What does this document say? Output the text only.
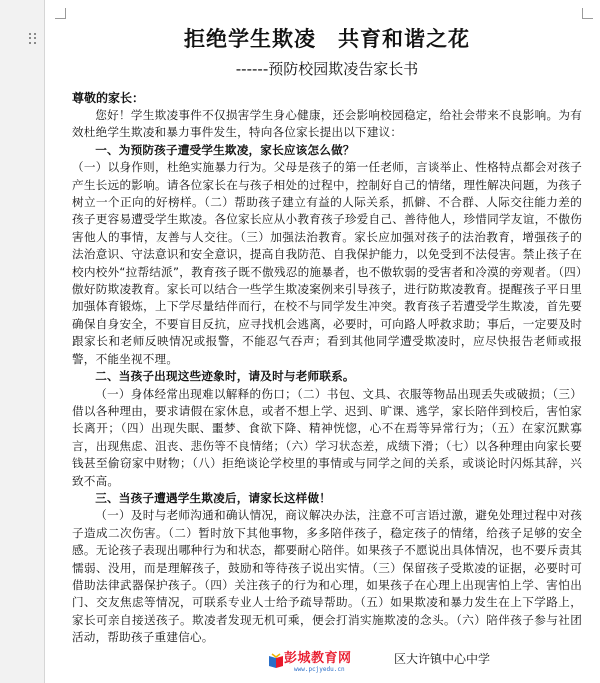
拒绝学生欺凌 共育和谐之花
------预防校园欺凌告家长书

尊敬的家长：

您好！学生欺凌事件不仅损害学生身心健康，还会影响校园稳定，给社会带来不良影响。为有效杜绝学生欺凌和暴力事件发生，特向各位家长提出以下建议：

一、为预防孩子遭受学生欺凌，家长应该怎么做？

（一）以身作则，杜绝实施暴力行为。父母是孩子的第一任老师，言谈举止、性格特点都会对孩子产生长远的影响。请各位家长在与孩子相处的过程中，控制好自己的情绪，理性解决问题，为孩子树立一个正向的好榜样。（二）帮助孩子建立有益的人际关系，抓僻、不合群、人际交往能力差的孩子更容易遭受学生欺凌。各位家长应从小教育孩子珍爱自己、善待他人，珍惜同学友谊，不傲伤害他人的事情，友善与人交往。（三）加强法治教育。家长应加强对孩子的法治教育，增强孩子的法治意识、守法意识和安全意识，提高自我防范、自我保护能力，以免受到不法侵害。禁止孩子在校内校外“拉帮结派”，教育孩子既不傲残忍的施暴者，也不傲软弱的受害者和冷漠的旁观者。（四）傲好防欺凌教育。家长可以结合一些学生欺凌案例来引导孩子，进行防欺凌教育。提醒孩子平日里加强体育锻炼，上下学尽量结伴而行，在校不与同学发生冲突。教育孩子若遭受学生欺凌，首先要确保自身安全，不要盲目反抗，应寻找机会逃离，必要时，可向路人呼救求助；事后，一定要及时跟家长和老师反映情况或报警，不能忍气吞声；看到其他同学遭受欺凌时，应尽快报告老师或报警，不能坐视不理。

二、当孩子出现这些迹象时，请及时与老师联系。

（一）身体经常出现难以解释的伤口；（二）书包、文具、衣服等物品出现丢失或破损；（三）借以各种理由，要求请假在家休息，或者不想上学、迟到、旷课、逃学，家长陪伴到校后，害怕家长离开；（四）出现失眠、噩梦、食欲下降、精神恍惚，心不在焉等异常行为；（五）在家沉默寡言，出现焦虑、沮丧、悲伤等不良情绪；（六）学习状态差，成绩下滑；（七）以各种理由向家长要钱甚至偷窃家中财物；（八）拒绝谈论学校里的事情或与同学之间的关系，或谈论时闪烁其辞，兴致不高。

三、当孩子遭遇学生欺凌后，请家长这样做！

（一）及时与老师沟通和确认情况，商议解决办法，注意不可言语过激，避免处理过程中对孩子造成二次伤害。（二）暂时放下其他事物，多多陪伴孩子，稳定孩子的情绪，给孩子足够的安全感。无论孩子表现出哪种行为和状态，都要耐心陪伴。如果孩子不愿说出具体情况，也不要斥责其懦弱、没用，而是理解孩子，鼓励和等待孩子说出实情。（三）保留孩子受欺凌的证据，必要时可借助法律武器保护孩子。（四）关注孩子的行为和心理，如果孩子在心理上出现害怕上学、害怕出门、交友焦虑等情况，可联系专业人士给予疏导帮助。（五）如果欺凌和暴力发生在上下学路上，家长可亲自接送孩子。欺凌者发现无机可乘，便会打消实施欺凌的念头。（六）陪伴孩子参与社团活动，帮助孩子重建信心。

彭城教育网
www.pcjyedu.cn
区大许镇中心中学
